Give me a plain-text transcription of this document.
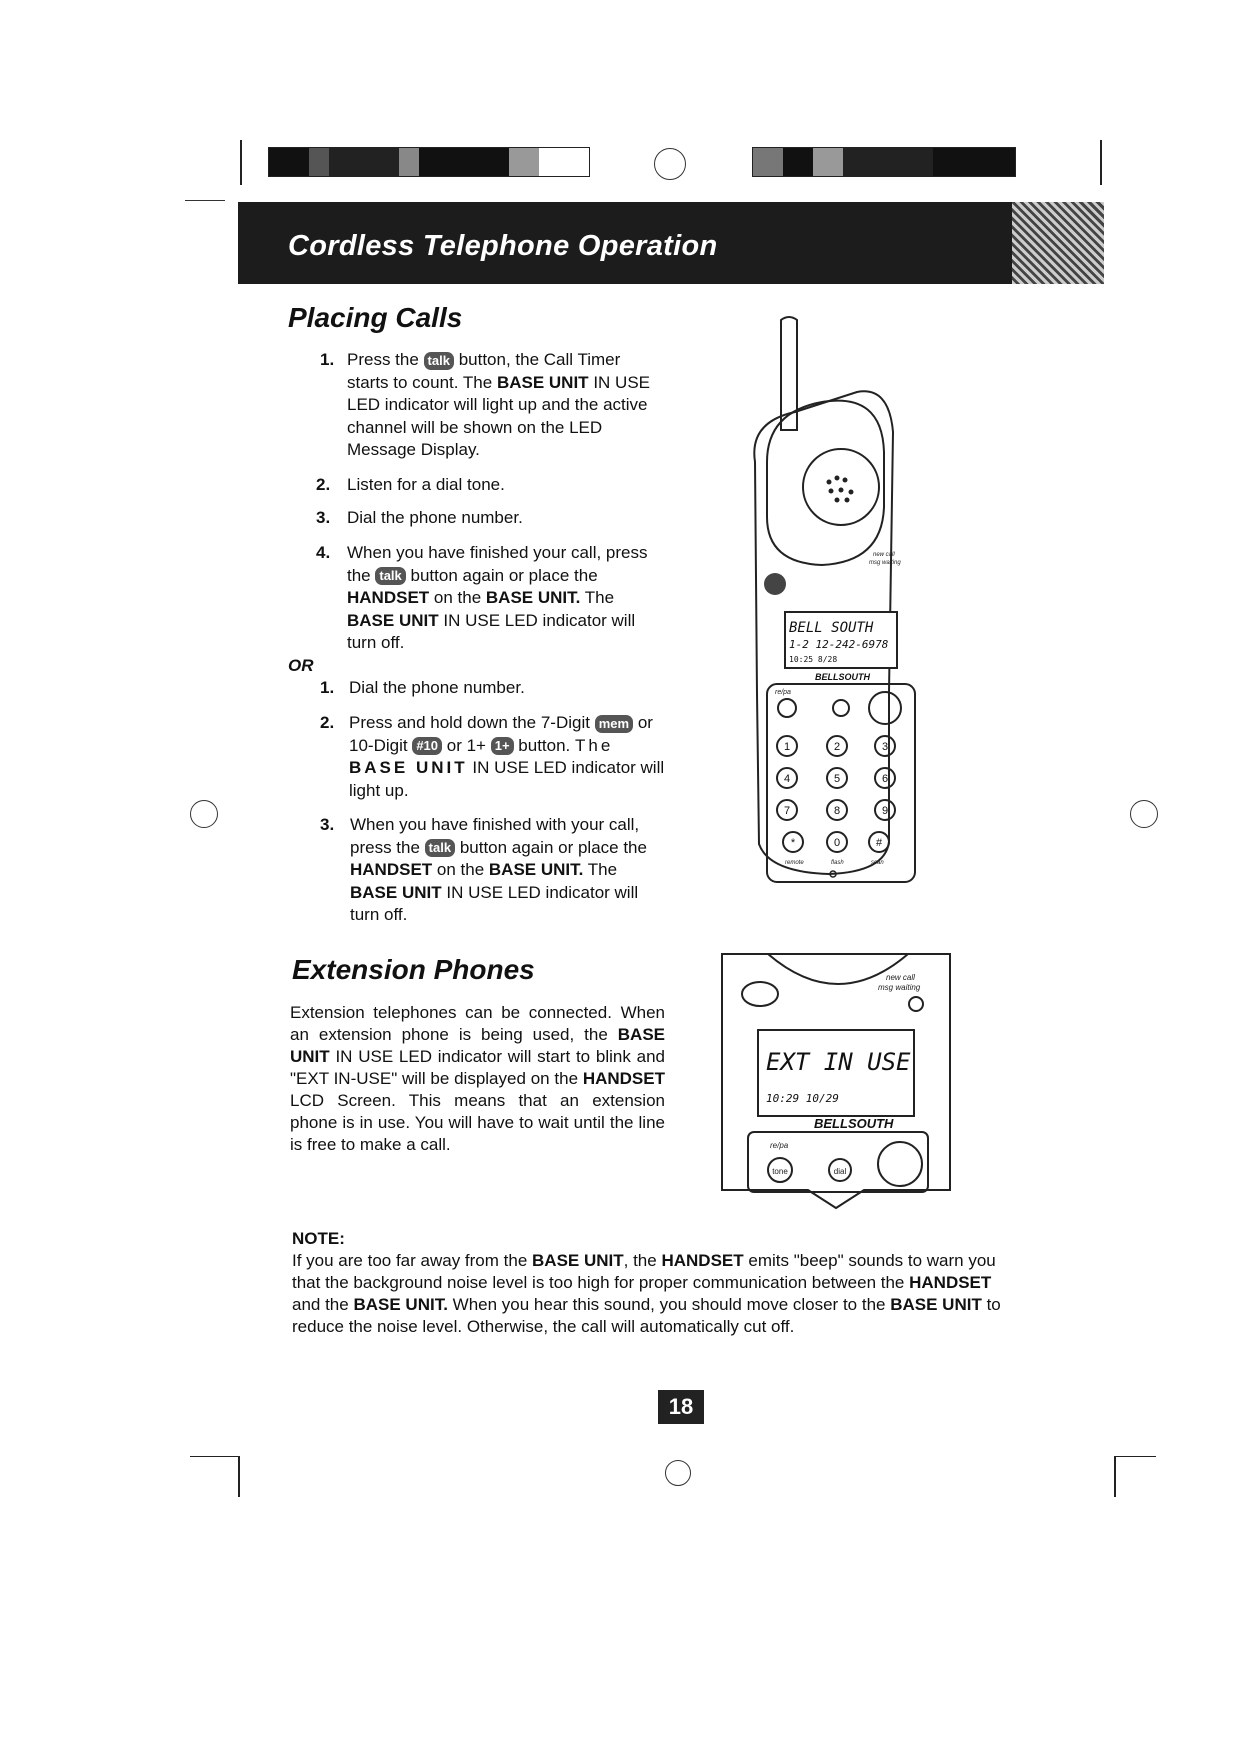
Cordless Telephone Operation
Placing Calls
1. Press the talk button, the Call Timer starts to count. The BASE UNIT IN USE LED indicator will light up and the active channel will be shown on the LED Message Display.
2. Listen for a dial tone.
3. Dial the phone number.
4. When you have finished your call, press the talk button again or place the HANDSET on the BASE UNIT. The BASE UNIT IN USE LED indicator will turn off.
OR
1. Dial the phone number.
2. Press and hold down the 7-Digit mem or 10-Digit #10 or 1+ 1+ button. The BASE UNIT IN USE LED indicator will light up.
3. When you have finished with your call, press the talk button again or place the HANDSET on the BASE UNIT. The BASE UNIT IN USE LED indicator will turn off.
new call
msg waiting
BELL SOUTH
1-2 12-242-6978
10:25 8/28
BELLSOUTH
re/pa
1	2	3
4	5	6
7	8	9
*	0	#
remote	flash	scan
Extension Phones
Extension telephones can be connected. When an extension phone is being used, the BASE UNIT IN USE LED indicator will start to blink and "EXT IN-USE" will be displayed on the HANDSET LCD Screen. This means that an extension phone is in use. You will have to wait until the line is free to make a call.
new call
msg waiting
EXT IN USE
10:29 10/29
BELLSOUTH
re/pa
tone	dial
NOTE:
If you are too far away from the BASE UNIT, the HANDSET emits "beep" sounds to warn you that the background noise level is too high for proper communication between the HANDSET and the BASE UNIT. When you hear this sound, you should move closer to the BASE UNIT to reduce the noise level. Otherwise, the call will automatically cut off.
18
